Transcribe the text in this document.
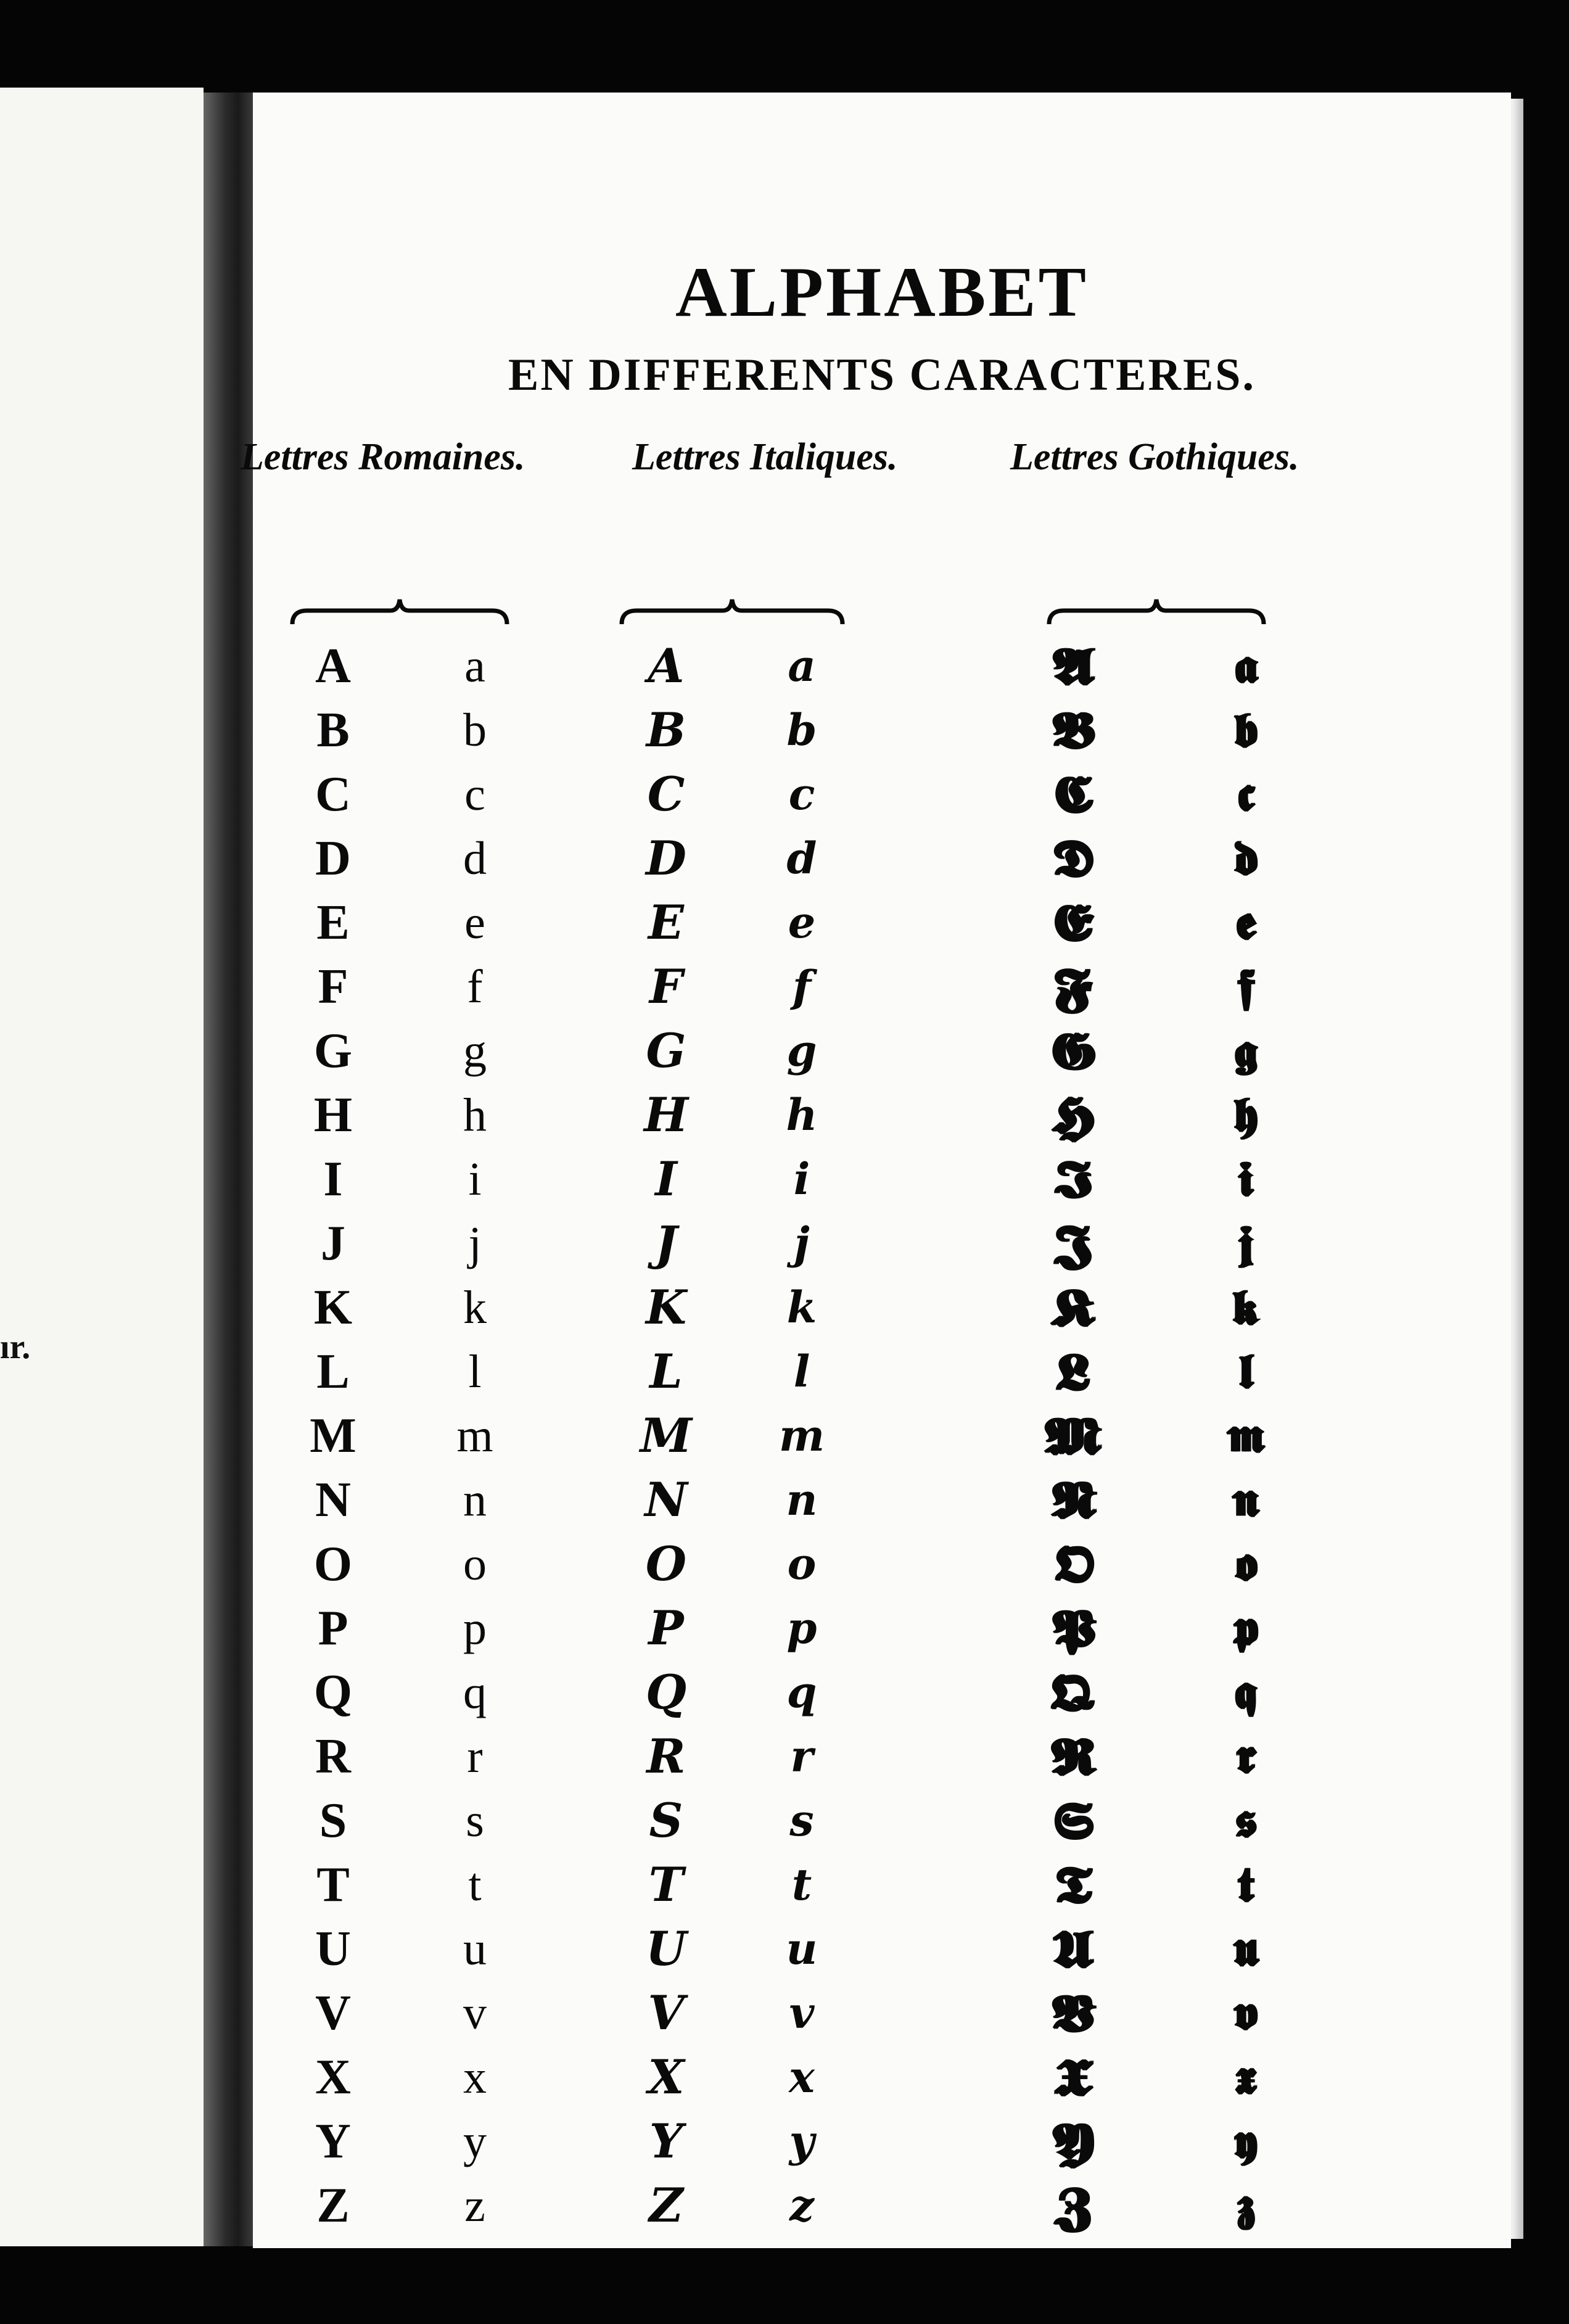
ır.
ALPHABET
EN DIFFERENTS CARACTERES.
Lettres Romaines.	Lettres Italiques.	Lettres Gothiques.
A
B
C
D
E
F
G
H
I
J
K
L
M
N
O
P
Q
R
S
T
U
V
X
Y
Z
a
b
c
d
e
f
g
h
i
j
k
l
m
n
o
p
q
r
s
t
u
v
x
y
z
A
B
C
D
E
F
G
H
I
J
K
L
M
N
O
P
Q
R
S
T
U
V
X
Y
Z
a
b
c
d
e
f
g
h
i
j
k
l
m
n
o
p
q
r
s
t
u
v
x
y
z
𝕬
𝕭
𝕮
𝕯
𝕰
𝕱
𝕲
𝕳
𝕴
𝕵
𝕶
𝕷
𝕸
𝕹
𝕺
𝕻
𝕼
𝕽
𝕾
𝕿
𝖀
𝖁
𝖃
𝖄
𝖅
𝖆
𝖇
𝖈
𝖉
𝖊
𝖋
𝖌
𝖍
𝖎
𝖏
𝖐
𝖑
𝖒
𝖓
𝖔
𝖕
𝖖
𝖗
𝖘
𝖙
𝖚
𝖛
𝖝
𝖞
𝖟
